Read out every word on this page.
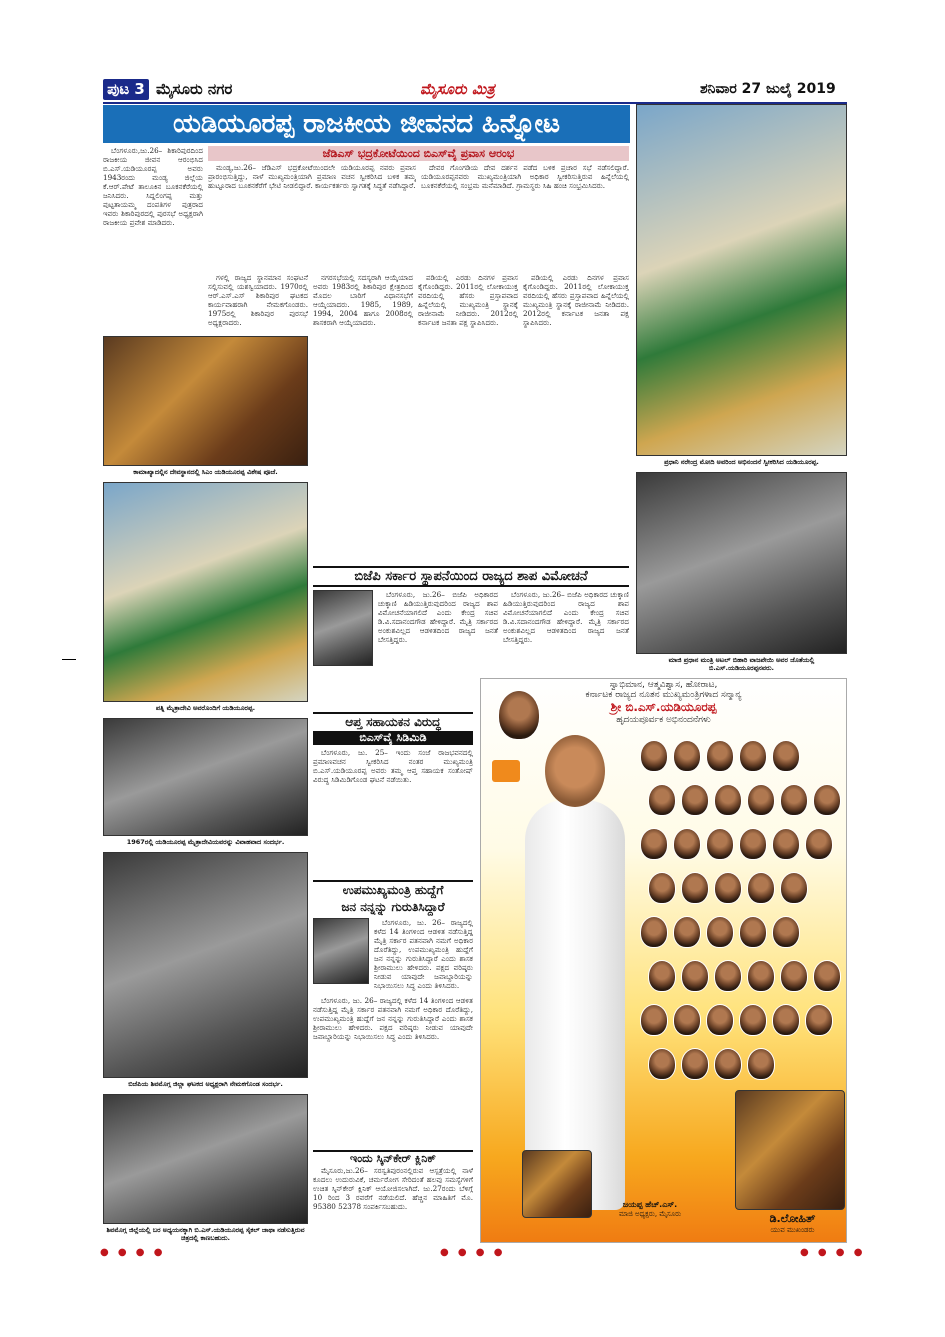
ಪುಟ 3 ಮೈಸೂರು ನಗರ	ಮೈಸೂರು ಮಿತ್ರ	ಶನಿವಾರ 27 ಜುಲೈ 2019
ಯಡಿಯೂರಪ್ಪ ರಾಜಕೀಯ ಜೀವನದ ಹಿನ್ನೋಟ

ಬೆಂಗಳೂರು,ಜು.26– ಶಿಕಾರಿಪುರದಿಂದ ರಾಜಕೀಯ ಜೀವನ ಆರಂಭಿಸಿದ ಬಿ.ಎಸ್.ಯಡಿಯೂರಪ್ಪ ಅವರು 1943ರಂದು ಮಂಡ್ಯ ಜಿಲ್ಲೆಯ ಕೆ.ಆರ್.ಪೇಟೆ ತಾಲೂಕಿನ ಬೂಕನಕೆರೆಯಲ್ಲಿ ಜನಿಸಿದರು. ಸಿದ್ದಲಿಂಗಪ್ಪ ಮತ್ತು ಪುಟ್ಟತಾಯಮ್ಮ ದಂಪತಿಗಳ ಪುತ್ರರಾದ ಇವರು ಶಿಕಾರಿಪುರದಲ್ಲಿ ಪುರಸಭೆ ಅಧ್ಯಕ್ಷರಾಗಿ ರಾಜಕೀಯ ಪ್ರವೇಶ ಮಾಡಿದರು.

ಜೆಡಿಎಸ್ ಭದ್ರಕೋಟೆಯಿಂದ ಬಿಎಸ್‌ವೈ ಪ್ರವಾಸ ಆರಂಭ

ಮಂಡ್ಯ,ಜು.26– ಜೆಡಿಎಸ್ ಭದ್ರಕೋಟೆಯಿಂದಲೇ ಯಡಿಯೂರಪ್ಪ ನವರು ಪ್ರವಾಸ ಪ್ರಾರಂಭಿಸುತ್ತಿದ್ದು, ನಾಳೆ ಮುಖ್ಯಮಂತ್ರಿಯಾಗಿ ಪ್ರಮಾಣ ವಚನ ಸ್ವೀಕರಿಸಿದ ಬಳಿಕ ತಮ್ಮ ಹುಟ್ಟೂರಾದ ಬೂಕನಕೆರೆಗೆ ಭೇಟಿ ನೀಡಲಿದ್ದಾರೆ. ಕಾರ್ಯಕರ್ತರು ಸ್ವಾಗತಕ್ಕೆ ಸಿದ್ಧತೆ ನಡೆಸಿದ್ದಾರೆ.

ದೇವರ ಗೊಂಗಡಿಯ ದೇವ ದರ್ಶನ ಪಡೆದ ಬಳಿಕ ಪ್ರಚಾರ ಸಭೆ ನಡೆಸಲಿದ್ದಾರೆ. ಯಡಿಯೂರಪ್ಪನವರು ಮುಖ್ಯಮಂತ್ರಿಯಾಗಿ ಅಧಿಕಾರ ಸ್ವೀಕರಿಸುತ್ತಿರುವ ಹಿನ್ನೆಲೆಯಲ್ಲಿ ಬೂಕನಕೆರೆಯಲ್ಲಿ ಸಂಭ್ರಮ ಮನೆಮಾಡಿದೆ. ಗ್ರಾಮಸ್ಥರು ಸಿಹಿ ಹಂಚಿ ಸಂಭ್ರಮಿಸಿದರು.

ಗಳಲ್ಲಿ ರಾಜ್ಯದ ಸ್ಥಾನಮಾನ ಸಂಘಟನೆ ಸಲ್ಲಿಸುವಲ್ಲಿ ಯಶಸ್ವಿಯಾದರು. 1970ರಲ್ಲಿ ಆರ್.ಎಸ್.ಎಸ್ ಶಿಕಾರಿಪುರ ಘಟಕದ ಕಾರ್ಯವಾಹರಾಗಿ ನೇಮಕಗೊಂಡರು. 1975ರಲ್ಲಿ ಶಿಕಾರಿಪುರ ಪುರಸಭೆ ಅಧ್ಯಕ್ಷರಾದರು.

ನಗರಸಭೆಯಲ್ಲಿ ಸದಸ್ಯರಾಗಿ ಆಯ್ಕೆಯಾದ ಅವರು 1983ರಲ್ಲಿ ಶಿಕಾರಿಪುರ ಕ್ಷೇತ್ರದಿಂದ ಮೊದಲ ಬಾರಿಗೆ ವಿಧಾನಸಭೆಗೆ ಆಯ್ಕೆಯಾದರು. 1985, 1989, 1994, 2004 ಹಾಗೂ 2008ರಲ್ಲಿ ಶಾಸಕರಾಗಿ ಆಯ್ಕೆಯಾದರು.

ಪಡಿಯಲ್ಲಿ ಎರಡು ದಿನಗಳ ಪ್ರವಾಸ ಕೈಗೊಂಡಿದ್ದರು. 2011ರಲ್ಲಿ ಲೋಕಾಯುಕ್ತ ವರದಿಯಲ್ಲಿ ಹೆಸರು ಪ್ರಸ್ತಾಪವಾದ ಹಿನ್ನೆಲೆಯಲ್ಲಿ ಮುಖ್ಯಮಂತ್ರಿ ಸ್ಥಾನಕ್ಕೆ ರಾಜೀನಾಮೆ ನೀಡಿದರು. 2012ರಲ್ಲಿ ಕರ್ನಾಟಕ ಜನತಾ ಪಕ್ಷ ಸ್ಥಾಪಿಸಿದರು.

ಪಡಿಯಲ್ಲಿ ಎರಡು ದಿನಗಳ ಪ್ರವಾಸ ಕೈಗೊಂಡಿದ್ದರು. 2011ರಲ್ಲಿ ಲೋಕಾಯುಕ್ತ ವರದಿಯಲ್ಲಿ ಹೆಸರು ಪ್ರಸ್ತಾಪವಾದ ಹಿನ್ನೆಲೆಯಲ್ಲಿ ಮುಖ್ಯಮಂತ್ರಿ ಸ್ಥಾನಕ್ಕೆ ರಾಜೀನಾಮೆ ನೀಡಿದರು. 2012ರಲ್ಲಿ ಕರ್ನಾಟಕ ಜನತಾ ಪಕ್ಷ ಸ್ಥಾಪಿಸಿದರು.

ಕಾಮಾಖ್ಯಾದಲ್ಲಿನ ದೇವಸ್ಥಾನದಲ್ಲಿ ಸಿಎಂ ಯಡಿಯೂರಪ್ಪ ವಿಶೇಷ ಪೂಜೆ.
ಪತ್ನಿ ಮೈತ್ರಾದೇವಿ ಅವರೊಂದಿಗೆ ಯಡಿಯೂರಪ್ಪ.
1967ರಲ್ಲಿ ಯಡಿಯೂರಪ್ಪ ಮೈತ್ರಾದೇವಿಯವರನ್ನು ವಿವಾಹವಾದ ಸಂದರ್ಭ.
ಬಿಜೆಪಿಯ ಶಿವಮೊಗ್ಗ ಜಿಲ್ಲಾ ಘಟಕದ ಅಧ್ಯಕ್ಷರಾಗಿ ನೇಮಕಗೊಂಡ ಸಂದರ್ಭ.
ಶಿವಮೊಗ್ಗ ಜಿಲ್ಲೆಯಲ್ಲಿ ಬರ ಅಧ್ಯಯನಕ್ಕಾಗಿ ಬಿ.ಎಸ್.ಯಡಿಯೂರಪ್ಪ ಸೈಕಲ್ ಜಾಥಾ ನಡೆಸುತ್ತಿರುವ ಚಿತ್ರದಲ್ಲಿ ಕಾಣಬಹುದು.
ಪ್ರಧಾನಿ ನರೇಂದ್ರ ಮೋದಿ ಅವರಿಂದ ಅಭಿನಂದನೆ ಸ್ವೀಕರಿಸಿದ ಯಡಿಯೂರಪ್ಪ.
ಮಾಜಿ ಪ್ರಧಾನ ಮಂತ್ರಿ ಅಟಲ್ ಬಿಹಾರಿ ವಾಜಪೇಯಿ ಅವರ ಜೊತೆಯಲ್ಲಿ ಬಿ.ಎಸ್.ಯಡಿಯೂರಪ್ಪನವರು.
ಬಿಜೆಪಿ ಸರ್ಕಾರ ಸ್ಥಾಪನೆಯಿಂದ ರಾಜ್ಯದ ಶಾಪ ವಿಮೋಚನೆ

ಬೆಂಗಳೂರು, ಜು.26– ಬಿಜೆಪಿ ಅಧಿಕಾರದ ಚುಕ್ಕಾಣಿ ಹಿಡಿಯುತ್ತಿರುವುದರಿಂದ ರಾಜ್ಯದ ಶಾಪ ವಿಮೋಚನೆಯಾಗಲಿದೆ ಎಂದು ಕೇಂದ್ರ ಸಚಿವ ಡಿ.ವಿ.ಸದಾನಂದಗೌಡ ಹೇಳಿದ್ದಾರೆ. ಮೈತ್ರಿ ಸರ್ಕಾರದ ಅಂಕುಶವಿಲ್ಲದ ಆಡಳಿತದಿಂದ ರಾಜ್ಯದ ಜನತೆ ಬೇಸತ್ತಿದ್ದರು.

ಬೆಂಗಳೂರು, ಜು.26– ಬಿಜೆಪಿ ಅಧಿಕಾರದ ಚುಕ್ಕಾಣಿ ಹಿಡಿಯುತ್ತಿರುವುದರಿಂದ ರಾಜ್ಯದ ಶಾಪ ವಿಮೋಚನೆಯಾಗಲಿದೆ ಎಂದು ಕೇಂದ್ರ ಸಚಿವ ಡಿ.ವಿ.ಸದಾನಂದಗೌಡ ಹೇಳಿದ್ದಾರೆ. ಮೈತ್ರಿ ಸರ್ಕಾರದ ಅಂಕುಶವಿಲ್ಲದ ಆಡಳಿತದಿಂದ ರಾಜ್ಯದ ಜನತೆ ಬೇಸತ್ತಿದ್ದರು.

ಆಪ್ತ ಸಹಾಯಕನ ವಿರುದ್ಧ
ಬಿಎಸ್‌ವೈ ಸಿಡಿಮಿಡಿ

ಬೆಂಗಳೂರು, ಜು. 25– ಇಂದು ಸಂಜೆ ರಾಜಭವನದಲ್ಲಿ ಪ್ರಮಾಣವಚನ ಸ್ವೀಕರಿಸಿದ ನಂತರ ಮುಖ್ಯಮಂತ್ರಿ ಬಿ.ಎಸ್.ಯಡಿಯೂರಪ್ಪ ಅವರು ತಮ್ಮ ಆಪ್ತ ಸಹಾಯಕ ಸಂತೋಷ್ ವಿರುದ್ಧ ಸಿಡಿಮಿಡಿಗೊಂಡ ಘಟನೆ ನಡೆಯಿತು.

ಉಪಮುಖ್ಯಮಂತ್ರಿ ಹುದ್ದೆಗೆ
ಜನ ನನ್ನನ್ನು ಗುರುತಿಸಿದ್ದಾರೆ

ಬೆಂಗಳೂರು, ಜು. 26– ರಾಜ್ಯದಲ್ಲಿ ಕಳೆದ 14 ತಿಂಗಳಿಂದ ಆಡಳಿತ ನಡೆಸುತ್ತಿದ್ದ ಮೈತ್ರಿ ಸರ್ಕಾರ ಪತನವಾಗಿ ನಮಗೆ ಅಧಿಕಾರ ದೊರೆತಿದ್ದು, ಉಪಮುಖ್ಯಮಂತ್ರಿ ಹುದ್ದೆಗೆ ಜನ ನನ್ನನ್ನು ಗುರುತಿಸಿದ್ದಾರೆ ಎಂದು ಶಾಸಕ ಶ್ರೀರಾಮುಲು ಹೇಳಿದರು. ಪಕ್ಷದ ವರಿಷ್ಠರು ನೀಡುವ ಯಾವುದೇ ಜವಾಬ್ದಾರಿಯನ್ನು ನಿಭಾಯಿಸಲು ಸಿದ್ಧ ಎಂದು ತಿಳಿಸಿದರು.

ಬೆಂಗಳೂರು, ಜು. 26– ರಾಜ್ಯದಲ್ಲಿ ಕಳೆದ 14 ತಿಂಗಳಿಂದ ಆಡಳಿತ ನಡೆಸುತ್ತಿದ್ದ ಮೈತ್ರಿ ಸರ್ಕಾರ ಪತನವಾಗಿ ನಮಗೆ ಅಧಿಕಾರ ದೊರೆತಿದ್ದು, ಉಪಮುಖ್ಯಮಂತ್ರಿ ಹುದ್ದೆಗೆ ಜನ ನನ್ನನ್ನು ಗುರುತಿಸಿದ್ದಾರೆ ಎಂದು ಶಾಸಕ ಶ್ರೀರಾಮುಲು ಹೇಳಿದರು. ಪಕ್ಷದ ವರಿಷ್ಠರು ನೀಡುವ ಯಾವುದೇ ಜವಾಬ್ದಾರಿಯನ್ನು ನಿಭಾಯಿಸಲು ಸಿದ್ಧ ಎಂದು ತಿಳಿಸಿದರು.

ಇಂದು ಸ್ಕಿನ್‌ಕೇರ್ ಕ್ಲಿನಿಕ್

ಮೈಸೂರು,ಜು.26– ಸರಸ್ವತಿಪುರಂನಲ್ಲಿರುವ ಆಸ್ಪತ್ರೆಯಲ್ಲಿ ನಾಳೆ ಕೂದಲು ಉದುರುವಿಕೆ, ಚರ್ಮರೋಗ ಸೇರಿದಂತೆ ಹಲವು ಸಮಸ್ಯೆಗಳಿಗೆ ಉಚಿತ ಸ್ಕಿನ್‌ಕೇರ್ ಕ್ಲಿನಿಕ್ ಆಯೋಜಿಸಲಾಗಿದೆ. ಜು.27ರಂದು ಬೆಳಿಗ್ಗೆ 10 ರಿಂದ 3 ರವರೆಗೆ ನಡೆಯಲಿದೆ. ಹೆಚ್ಚಿನ ಮಾಹಿತಿಗೆ ಮೊ. 95380 52378 ಸಂಪರ್ಕಿಸಬಹುದು.

ಸ್ವಾಭಿಮಾನ, ಆತ್ಮವಿಶ್ವಾಸ, ಹೋರಾಟ,
ಕರ್ನಾಟಕ ರಾಜ್ಯದ ನೂತನ ಮುಖ್ಯಮಂತ್ರಿಗಳಾದ ಸನ್ಮಾನ್ಯ
ಶ್ರೀ ಬಿ.ಎಸ್.ಯಡಿಯೂರಪ್ಪ
ಹೃದಯಪೂರ್ವಕ ಅಭಿನಂದನೆಗಳು
ಜಯಪ್ಪ ಹೆಚ್.ಎಸ್.
ಮಾಜಿ ಅಧ್ಯಕ್ಷರು, ಮೈಸೂರು	ಡಿ.ಲೋಹಿತ್
ಯುವ ಮುಖಂಡರು
● ● ● ●	● ● ● ●	● ● ● ●
